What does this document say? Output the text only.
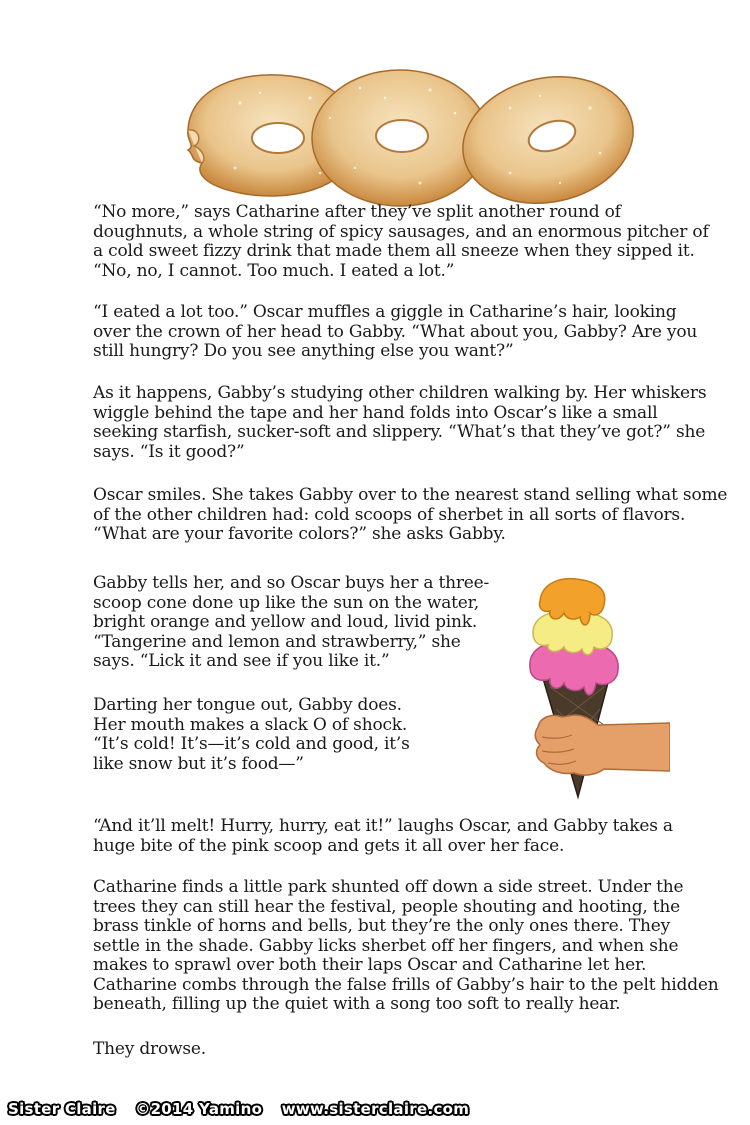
“No more,” says Catharine after they’ve split another round of
doughnuts, a whole string of spicy sausages, and an enormous pitcher of
a cold sweet fizzy drink that made them all sneeze when they sipped it.
“No, no, I cannot. Too much. I eated a lot.”

“I eated a lot too.” Oscar muffles a giggle in Catharine’s hair, looking
over the crown of her head to Gabby. “What about you, Gabby? Are you
still hungry? Do you see anything else you want?”

As it happens, Gabby’s studying other children walking by. Her whiskers
wiggle behind the tape and her hand folds into Oscar’s like a small
seeking starfish, sucker-soft and slippery. “What’s that they’ve got?” she
says. “Is it good?”

Oscar smiles. She takes Gabby over to the nearest stand selling what some
of the other children had: cold scoops of sherbet in all sorts of flavors.
“What are your favorite colors?” she asks Gabby.

Gabby tells her, and so Oscar buys her a three-
scoop cone done up like the sun on the water,
bright orange and yellow and loud, livid pink.
“Tangerine and lemon and strawberry,” she
says. “Lick it and see if you like it.”

Darting her tongue out, Gabby does.
Her mouth makes a slack O of shock.
“It’s cold! It’s—it’s cold and good, it’s
like snow but it’s food—”

“And it’ll melt! Hurry, hurry, eat it!” laughs Oscar, and Gabby takes a
huge bite of the pink scoop and gets it all over her face.

Catharine finds a little park shunted off down a side street. Under the
trees they can still hear the festival, people shouting and hooting, the
brass tinkle of horns and bells, but they’re the only ones there. They
settle in the shade. Gabby licks sherbet off her fingers, and when she
makes to sprawl over both their laps Oscar and Catharine let her.
Catharine combs through the false frills of Gabby’s hair to the pelt hidden
beneath, filling up the quiet with a song too soft to really hear.

They drowse.

Sister Claire ©2014 Yamino www.sisterclaire.com
